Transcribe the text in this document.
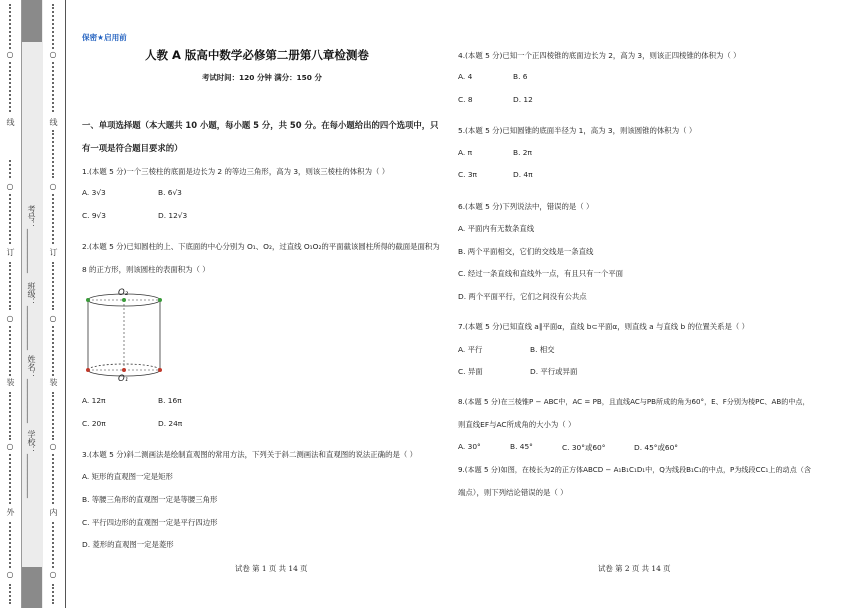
○
线
○
订
○
装
○
外
○
考号：___________
班级：___________
姓名：___________
学校：___________
○
线
○
订
○
装
○
内
○
保密★启用前
人教 A 版高中数学必修第二册第八章检测卷
考试时间：120 分钟 满分：150 分
一、单项选择题（本大题共 10 小题，每小题 5 分，共 50 分。在每小题给出的四个选项中，只
有一项是符合题目要求的）
1.(本题 5 分)一个三棱柱的底面是边长为 2 的等边三角形，高为 3，则该三棱柱的体积为（ ）
A. 3√3	B. 6√3
C. 9√3	D. 12√3
2.(本题 5 分)已知圆柱的上、下底面的中心分别为 O₁、O₂，过直线 O₁O₂的平面截该圆柱所得的截面是面积为
8 的正方形，则该圆柱的表面积为（ ）
O₂
O₁
A. 12π	B. 16π
C. 20π	D. 24π
3.(本题 5 分)斜二测画法是绘制直观图的常用方法，下列关于斜二测画法和直观图的说法正确的是（ ）
A. 矩形的直观图一定是矩形
B. 等腰三角形的直观图一定是等腰三角形
C. 平行四边形的直观图一定是平行四边形
D. 菱形的直观图一定是菱形
试卷 第 1 页 共 14 页
4.(本题 5 分)已知一个正四棱锥的底面边长为 2，高为 3，则该正四棱锥的体积为（ ）
A. 4	B. 6
C. 8	D. 12
5.(本题 5 分)已知圆锥的底面半径为 1，高为 3，则该圆锥的体积为（ ）
A. π	B. 2π
C. 3π	D. 4π
6.(本题 5 分)下列说法中，错误的是（ ）
A. 平面内有无数条直线
B. 两个平面相交，它们的交线是一条直线
C. 经过一条直线和直线外一点，有且只有一个平面
D. 两个平面平行，它们之间没有公共点
7.(本题 5 分)已知直线 a∥平面α，直线 b⊂平面α，则直线 a 与直线 b 的位置关系是（ ）
A. 平行	B. 相交
C. 异面	D. 平行或异面
8.(本题 5 分)在三棱锥P − ABC中，AC = PB，且直线AC与PB所成的角为60°，E、F分别为棱PC、AB的中点，
则直线EF与AC所成角的大小为（ ）
A. 30°	B. 45°	C. 30°或60°	D. 45°或60°
9.(本题 5 分)如图，在棱长为2的正方体ABCD − A₁B₁C₁D₁中，Q为线段B₁C₁的中点，P为线段CC₁上的动点（含
端点），则下列结论错误的是（ ）
试卷 第 2 页 共 14 页
